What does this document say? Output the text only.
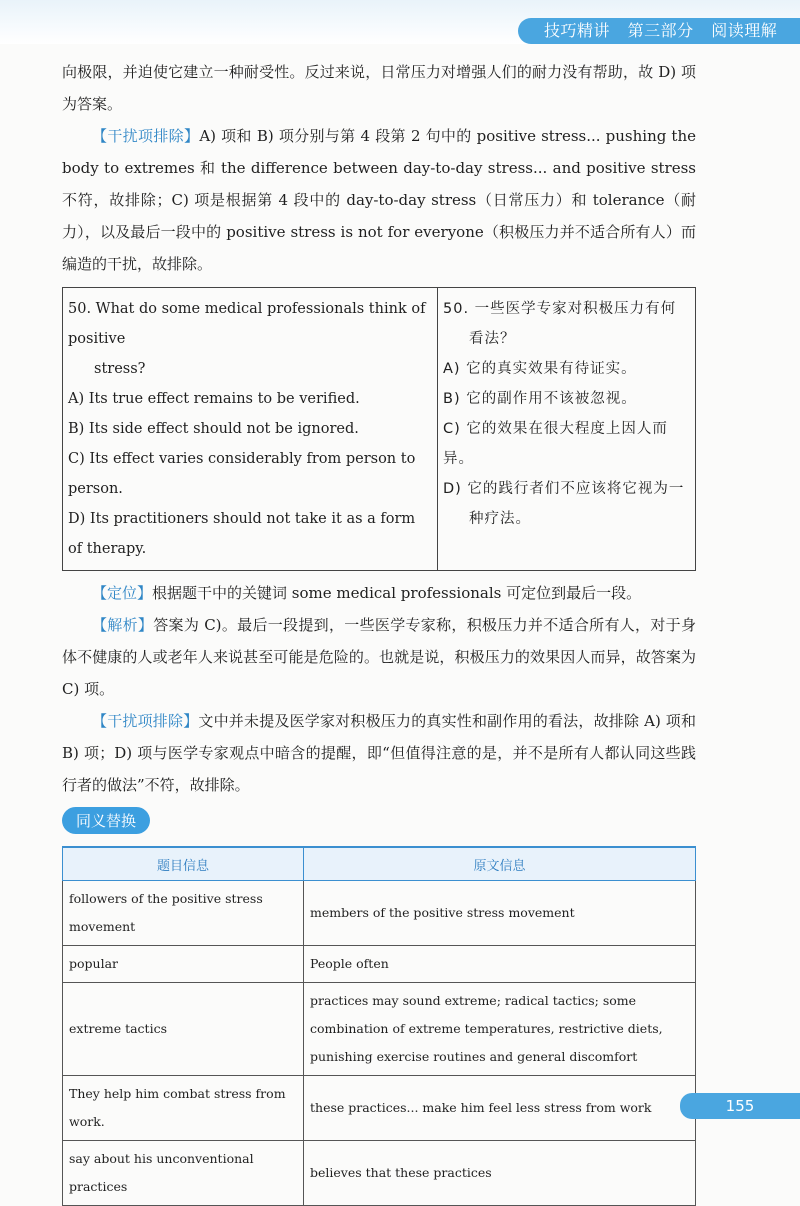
技巧精讲 第三部分 阅读理解

向极限，并迫使它建立一种耐受性。反过来说，日常压力对增强人们的耐力没有帮助，故 D) 项为答案。

【干扰项排除】A) 项和 B) 项分别与第 4 段第 2 句中的 positive stress... pushing the body to extremes 和 the difference between day-to-day stress... and positive stress 不符，故排除；C) 项是根据第 4 段中的 day-to-day stress（日常压力）和 tolerance（耐力），以及最后一段中的 positive stress is not for everyone（积极压力并不适合所有人）而编造的干扰，故排除。

50. What do some medical professionals think of positive
stress?
A) Its true effect remains to be verified.
B) Its side effect should not be ignored.
C) Its effect varies considerably from person to person.
D) Its practitioners should not take it as a form of therapy.

50. 一些医学专家对积极压力有何
看法？
A) 它的真实效果有待证实。
B) 它的副作用不该被忽视。
C) 它的效果在很大程度上因人而异。
D) 它的践行者们不应该将它视为一
种疗法。

【定位】根据题干中的关键词 some medical professionals 可定位到最后一段。

【解析】答案为 C)。最后一段提到，一些医学专家称，积极压力并不适合所有人，对于身体不健康的人或老年人来说甚至可能是危险的。也就是说，积极压力的效果因人而异，故答案为 C) 项。

【干扰项排除】文中并未提及医学家对积极压力的真实性和副作用的看法，故排除 A) 项和 B) 项；D) 项与医学专家观点中暗含的提醒，即“但值得注意的是，并不是所有人都认同这些践行者的做法”不符，故排除。

同义替换
题目信息	原文信息
followers of the positive stress movement	members of the positive stress movement
popular	People often
extreme tactics	practices may sound extreme; radical tactics; some combination of extreme temperatures, restrictive diets, punishing exercise routines and general discomfort
They help him combat stress from work.	these practices... make him feel less stress from work
say about his unconventional practices	believes that these practices
155
